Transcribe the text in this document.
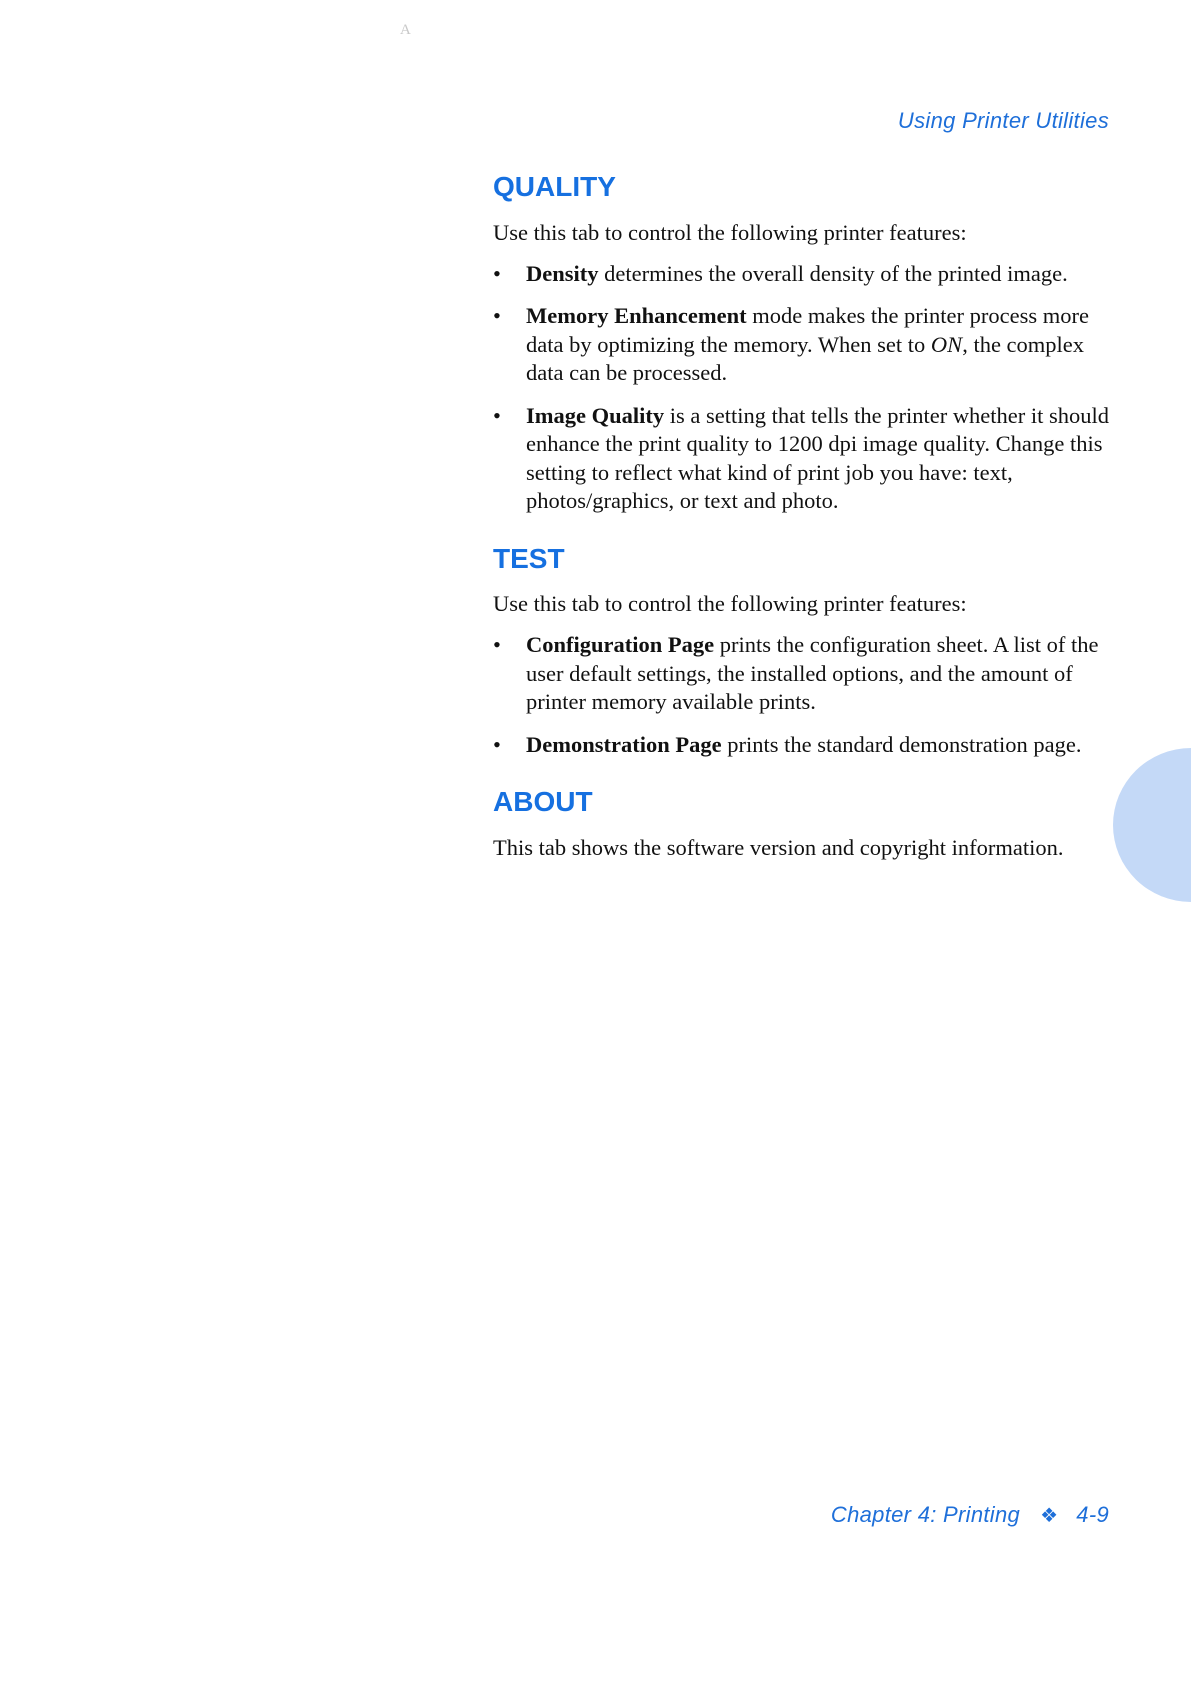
A
Using Printer Utilities
QUALITY

Use this tab to control the following printer features:

• Density determines the overall density of the printed image.
• Memory Enhancement mode makes the printer process more data by optimizing the memory. When set to ON, the complex data can be processed.
• Image Quality is a setting that tells the printer whether it should enhance the print quality to 1200 dpi image quality. Change this setting to reflect what kind of print job you have: text, photos/graphics, or text and photo.
TEST

Use this tab to control the following printer features:

• Configuration Page prints the configuration sheet. A list of the user default settings, the installed options, and the amount of printer memory available prints.
• Demonstration Page prints the standard demonstration page.
ABOUT

This tab shows the software version and copyright information.

Chapter 4: Printing ❖ 4-9
